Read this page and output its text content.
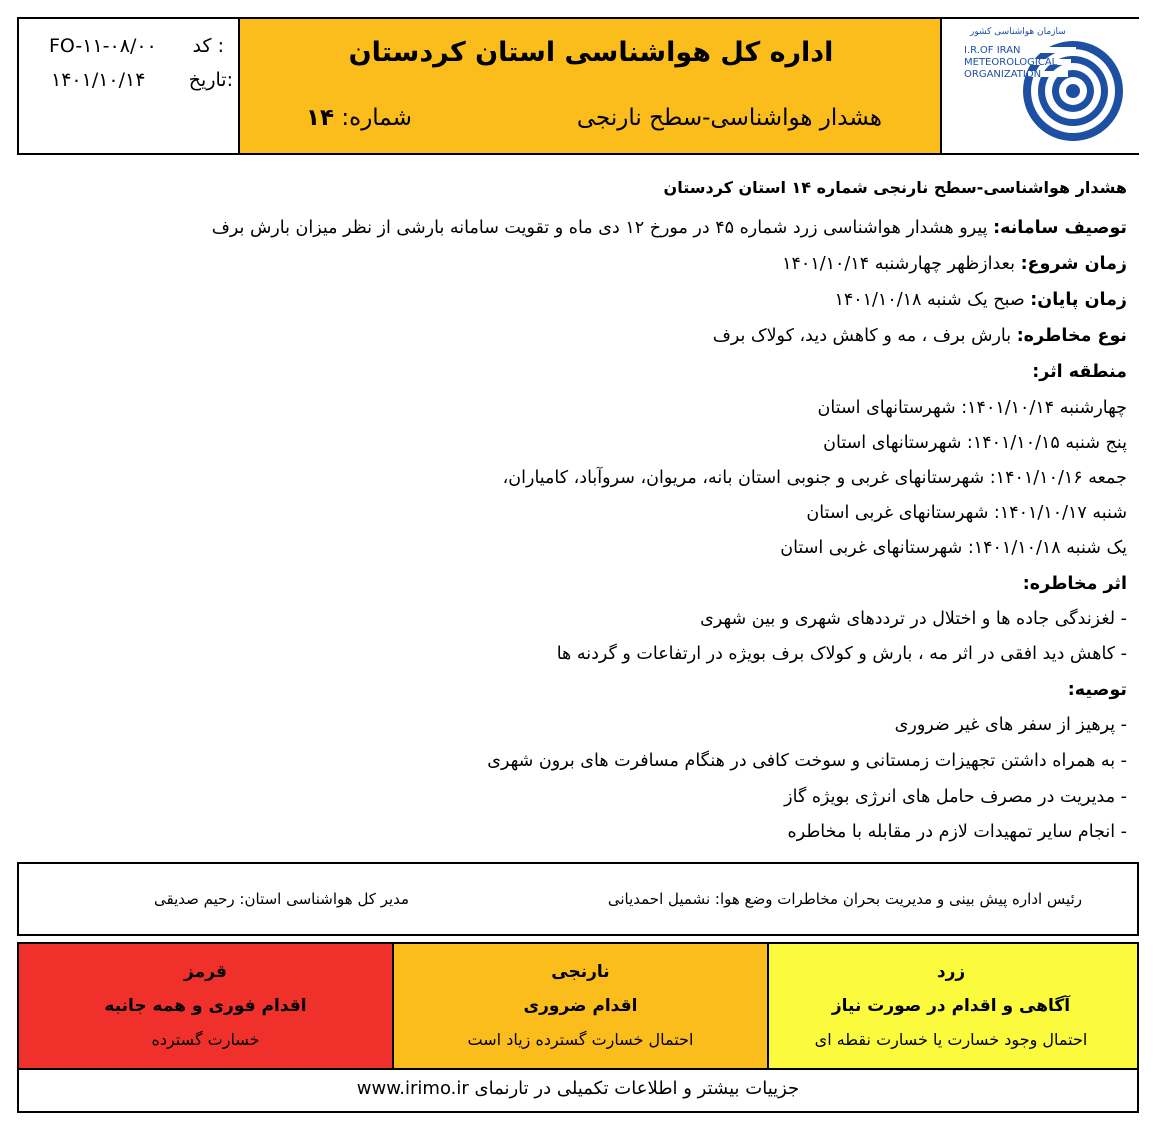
کد :
FO-۱۱-۰۸/۰۰
تاریخ:
۱۴۰۱/۱۰/۱۴
اداره کل هواشناسی استان کردستان
هشدار هواشناسی-سطح نارنجی
شماره: ۱۴
سازمان هواشناسی کشور
I.R.OF IRAN
METEOROLOGICAL
ORGANIZATION
هشدار هواشناسی-سطح نارنجی شماره ۱۴ استان کردستان
توصیف سامانه: پیرو هشدار هواشناسی زرد شماره ۴۵ در مورخ ۱۲ دی ماه و تقویت سامانه بارشی از نظر میزان بارش برف
زمان شروع: بعدازظهر چهارشنبه ۱۴۰۱/۱۰/۱۴
زمان پایان: صبح یک شنبه ۱۴۰۱/۱۰/۱۸
نوع مخاطره: بارش برف ، مه و کاهش دید، کولاک برف
منطقه اثر:
چهارشنبه ۱۴۰۱/۱۰/۱۴: شهرستانهای استان
پنج شنبه ۱۴۰۱/۱۰/۱۵: شهرستانهای استان
جمعه ۱۴۰۱/۱۰/۱۶: شهرستانهای غربی و جنوبی استان بانه، مریوان، سروآباد، کامیاران،
شنبه ۱۴۰۱/۱۰/۱۷: شهرستانهای غربی استان
یک شنبه ۱۴۰۱/۱۰/۱۸: شهرستانهای غربی استان
اثر مخاطره:
- لغزندگی جاده ها و اختلال در ترددهای شهری و بین شهری
- کاهش دید افقی در اثر مه ، بارش و کولاک برف بویژه در ارتفاعات و گردنه ها
توصیه:
- پرهیز از سفر های غیر ضروری
- به همراه داشتن تجهیزات زمستانی و سوخت کافی در هنگام مسافرت های برون شهری
- مدیریت در مصرف حامل های انرژی بویژه گاز
- انجام سایر تمهیدات لازم در مقابله با مخاطره
رئیس اداره پیش بینی و مدیریت بحران مخاطرات وضع هوا: نشمیل احمدیانی
مدیر کل هواشناسی استان: رحیم صدیقی
زرد
آگاهی و اقدام در صورت نیاز
احتمال وجود خسارت یا خسارت نقطه ای
نارنجی
اقدام ضروری
احتمال خسارت گسترده زیاد است
قرمز
اقدام فوری و همه جانبه
خسارت گسترده
جزییات بیشتر و اطلاعات تکمیلی در تارنمای www.irimo.ir
